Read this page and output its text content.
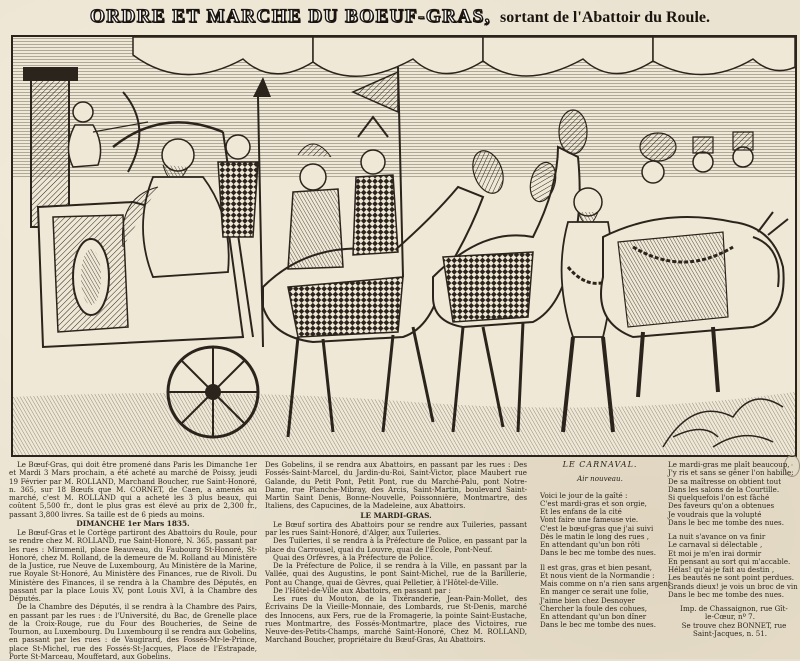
ORDRE ET MARCHE DU BOEUF-GRAS, sortant de l'Abattoir du Roule.
◦

Le Bœuf-Gras, qui doit être promené dans Paris les Dimanche 1er et Mardi 3 Mars prochain, a été acheté au marché de Poissy, jeudi 19 Février par M. ROLLAND, Marchand Boucher, rue Saint-Honoré, n. 365, sur 18 Bœufs que M. CORNET, de Caen, a amenés au marché, c'est M. ROLLAND qui a acheté les 3 plus beaux, qui coûtent 5,500 fr., dont le plus gras est élevé au prix de 2,300 fr., passant 3,800 livres. Sa taille est de 6 pieds au moins.

DIMANCHE 1er Mars 1835.

Le Bœuf-Gras et le Cortège partiront des Abattoirs du Roule, pour se rendre chez M. ROLLAND, rue Saint-Honoré, N. 365, passant par les rues : Miromenil, place Beauveau, du Faubourg St-Honoré, St-Honoré, chez M. Rolland, de la demeure de M. Rolland au Ministère de la Justice, rue Neuve de Luxembourg, Au Ministère de la Marine, rue Royale St-Honoré, Au Ministère des Finances, rue de Rivoli. Du Ministère des Finances, il se rendra à la Chambre des Députés, en passant par la place Louis XV, pont Louis XVI, à la Chambre des Députés.

De la Chambre des Députés, il se rendra à la Chambre des Pairs, en passant par les rues : de l'Université, du Bac, de Grenelle place de la Croix-Rouge, rue du Four des Boucheries, de Seine de Tournon, au Luxembourg. Du Luxembourg il se rendra aux Gobelins, en passant par les rues : de Vaugirard, des Fossés-Mr-le-Prince, place St-Michel, rue des Fossés-St-Jacques, Place de l'Estrapade, Porte St-Marceau, Mouffetard, aux Gobelins.

Des Gobelins, il se rendra aux Abattoirs, en passant par les rues : Des Fossés-Saint-Marcel, du Jardin-du-Roi, Saint-Victor, place Maubert rue Galande, du Petit Pont, Petit Pont, rue du Marché-Palu, pont Notre-Dame, rue Planche-Mibray, des Arcis, Saint-Martin, boulevard Saint-Martin Saint Denis, Bonne-Nouvelle, Poissonnière, Montmartre, des Italiens, des Capucines, de la Madeleine, aux Abattoirs.

LE MARDI-GRAS.

Le Bœuf sortira des Abattoirs pour se rendre aux Tuileries, passant par les rues Saint-Honoré, d'Alger, aux Tuileries.

Des Tuileries, il se rendra à la Préfecture de Police, en passant par la place du Carrousel, quai du Louvre, quai de l'École, Pont-Neuf.

Quai des Orfèvres, à la Préfecture de Police.

De la Préfecture de Police, il se rendra à la Ville, en passant par la Vallée, quai des Augustins, le pont Saint-Michel, rue de la Barillerie, Pont au Change, quai de Gèvres, quai Pelletier, à l'Hôtel-de-Ville.

De l'Hôtel-de-Ville aux Abattoirs, en passant par :

Les rues du Mouton, de la Tixéranderie, Jean-Pain-Mollet, des Écrivains De la Vieille-Monnaie, des Lombards, rue St-Denis, marché des Innocens, aux Fers, rue de la Fromagerie, la pointe Saint-Eustache, rues Montmartre, des Fossés-Montmartre, place des Victoires, rue Neuve-des-Petits-Champs, marché Saint-Honoré, Chez M. ROLLAND, Marchand Boucher, propriétaire du Bœuf-Gras, Au Abattoirs.

LE CARNAVAL.
Air nouveau.
Voici le jour de la gaîté :
C'est mardi-gras et son orgie,
Et les enfans de la cité
Vont faire une fameuse vie.
C'est le bœuf-gras que j'ai suivi
Dès le matin le long des rues ,
En attendant qu'un bon rôti
Dans le bec me tombe des nues.
Il est gras, gras et bien pesant,
Et nous vient de la Normandie :
Mais comme on n'a rien sans argent
En manger ce serait une folie,
J'aime bien chez Desnoyer
Chercher la foule des cohues,
En attendant qu'un bon dîner
Dans le bec me tombe des nues.
Le mardi-gras me plaît beaucoup,
J'y ris et sans se gêner l'on habille;
De sa maîtresse on obtient tout
Dans les salons de la Courtille.
Si quelquefois l'on est fâché
Des faveurs qu'on a obtenues
Je voudrais que la volupté
Dans le bec me tombe des nues.
La nuit s'avance on va finir
Le carnaval si délectable ,
Et moi je m'en irai dormir
En pensant au sort qui m'accable.
Hélas! qu'ai-je fait au destin ,
Les beautés ne sont point perdues.
Grands dieux! je vois un broc de vin
Dans le bec me tombe des nues.

Imp. de Chassaignon, rue Gît-le-Cœur, nº 7.

Se trouve chez BONNET, rue Saint-Jacques, n. 51.
